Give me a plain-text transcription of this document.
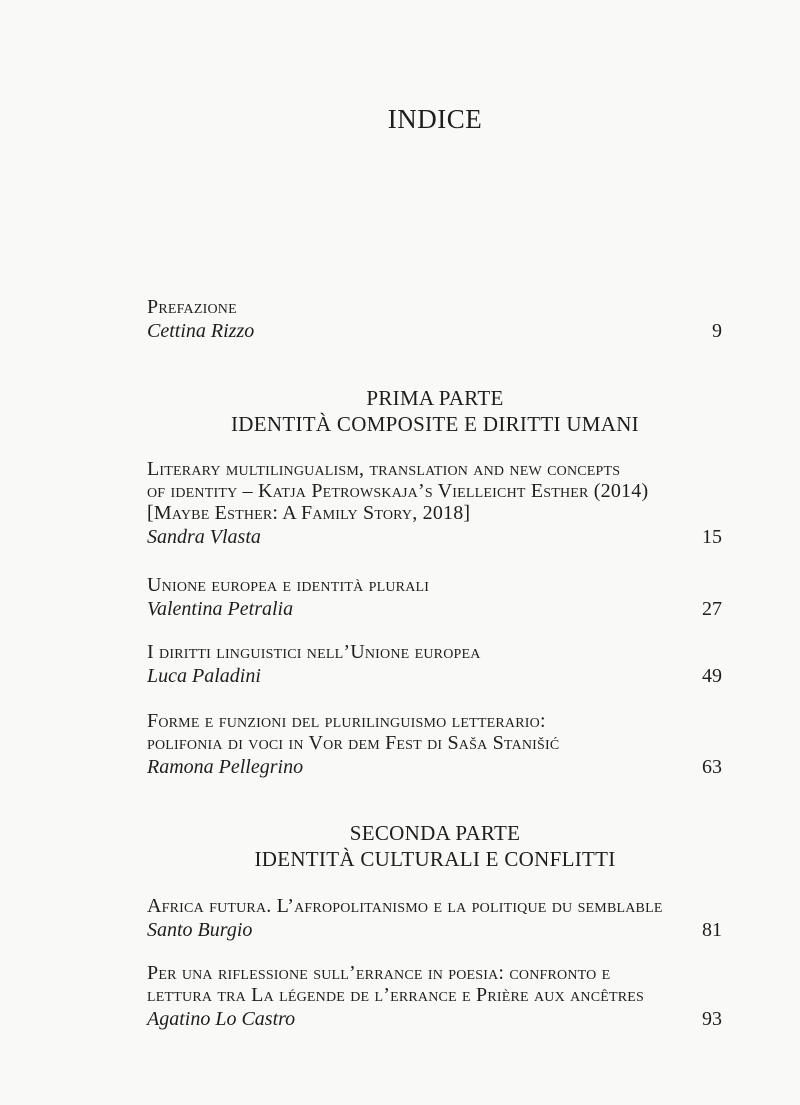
INDICE
Prefazione
Cettina Rizzo	9
PRIMA PARTE
IDENTITÀ COMPOSITE E DIRITTI UMANI
Literary multilingualism, translation and new concepts
of identity – Katja Petrowskaja’s Vielleicht Esther (2014)
[Maybe Esther: A Family Story, 2018]
Sandra Vlasta	15
Unione europea e identità plurali
Valentina Petralia	27
I diritti linguistici nell’Unione europea
Luca Paladini	49
Forme e funzioni del plurilinguismo letterario:
polifonia di voci in Vor dem Fest di Saša Stanišić
Ramona Pellegrino	63
SECONDA PARTE
IDENTITÀ CULTURALI E CONFLITTI
Africa futura. L’afropolitanismo e la politique du semblable
Santo Burgio	81
Per una riflessione sull’errance in poesia: confronto e
lettura tra La légende de l’errance e Prière aux ancêtres
Agatino Lo Castro	93
